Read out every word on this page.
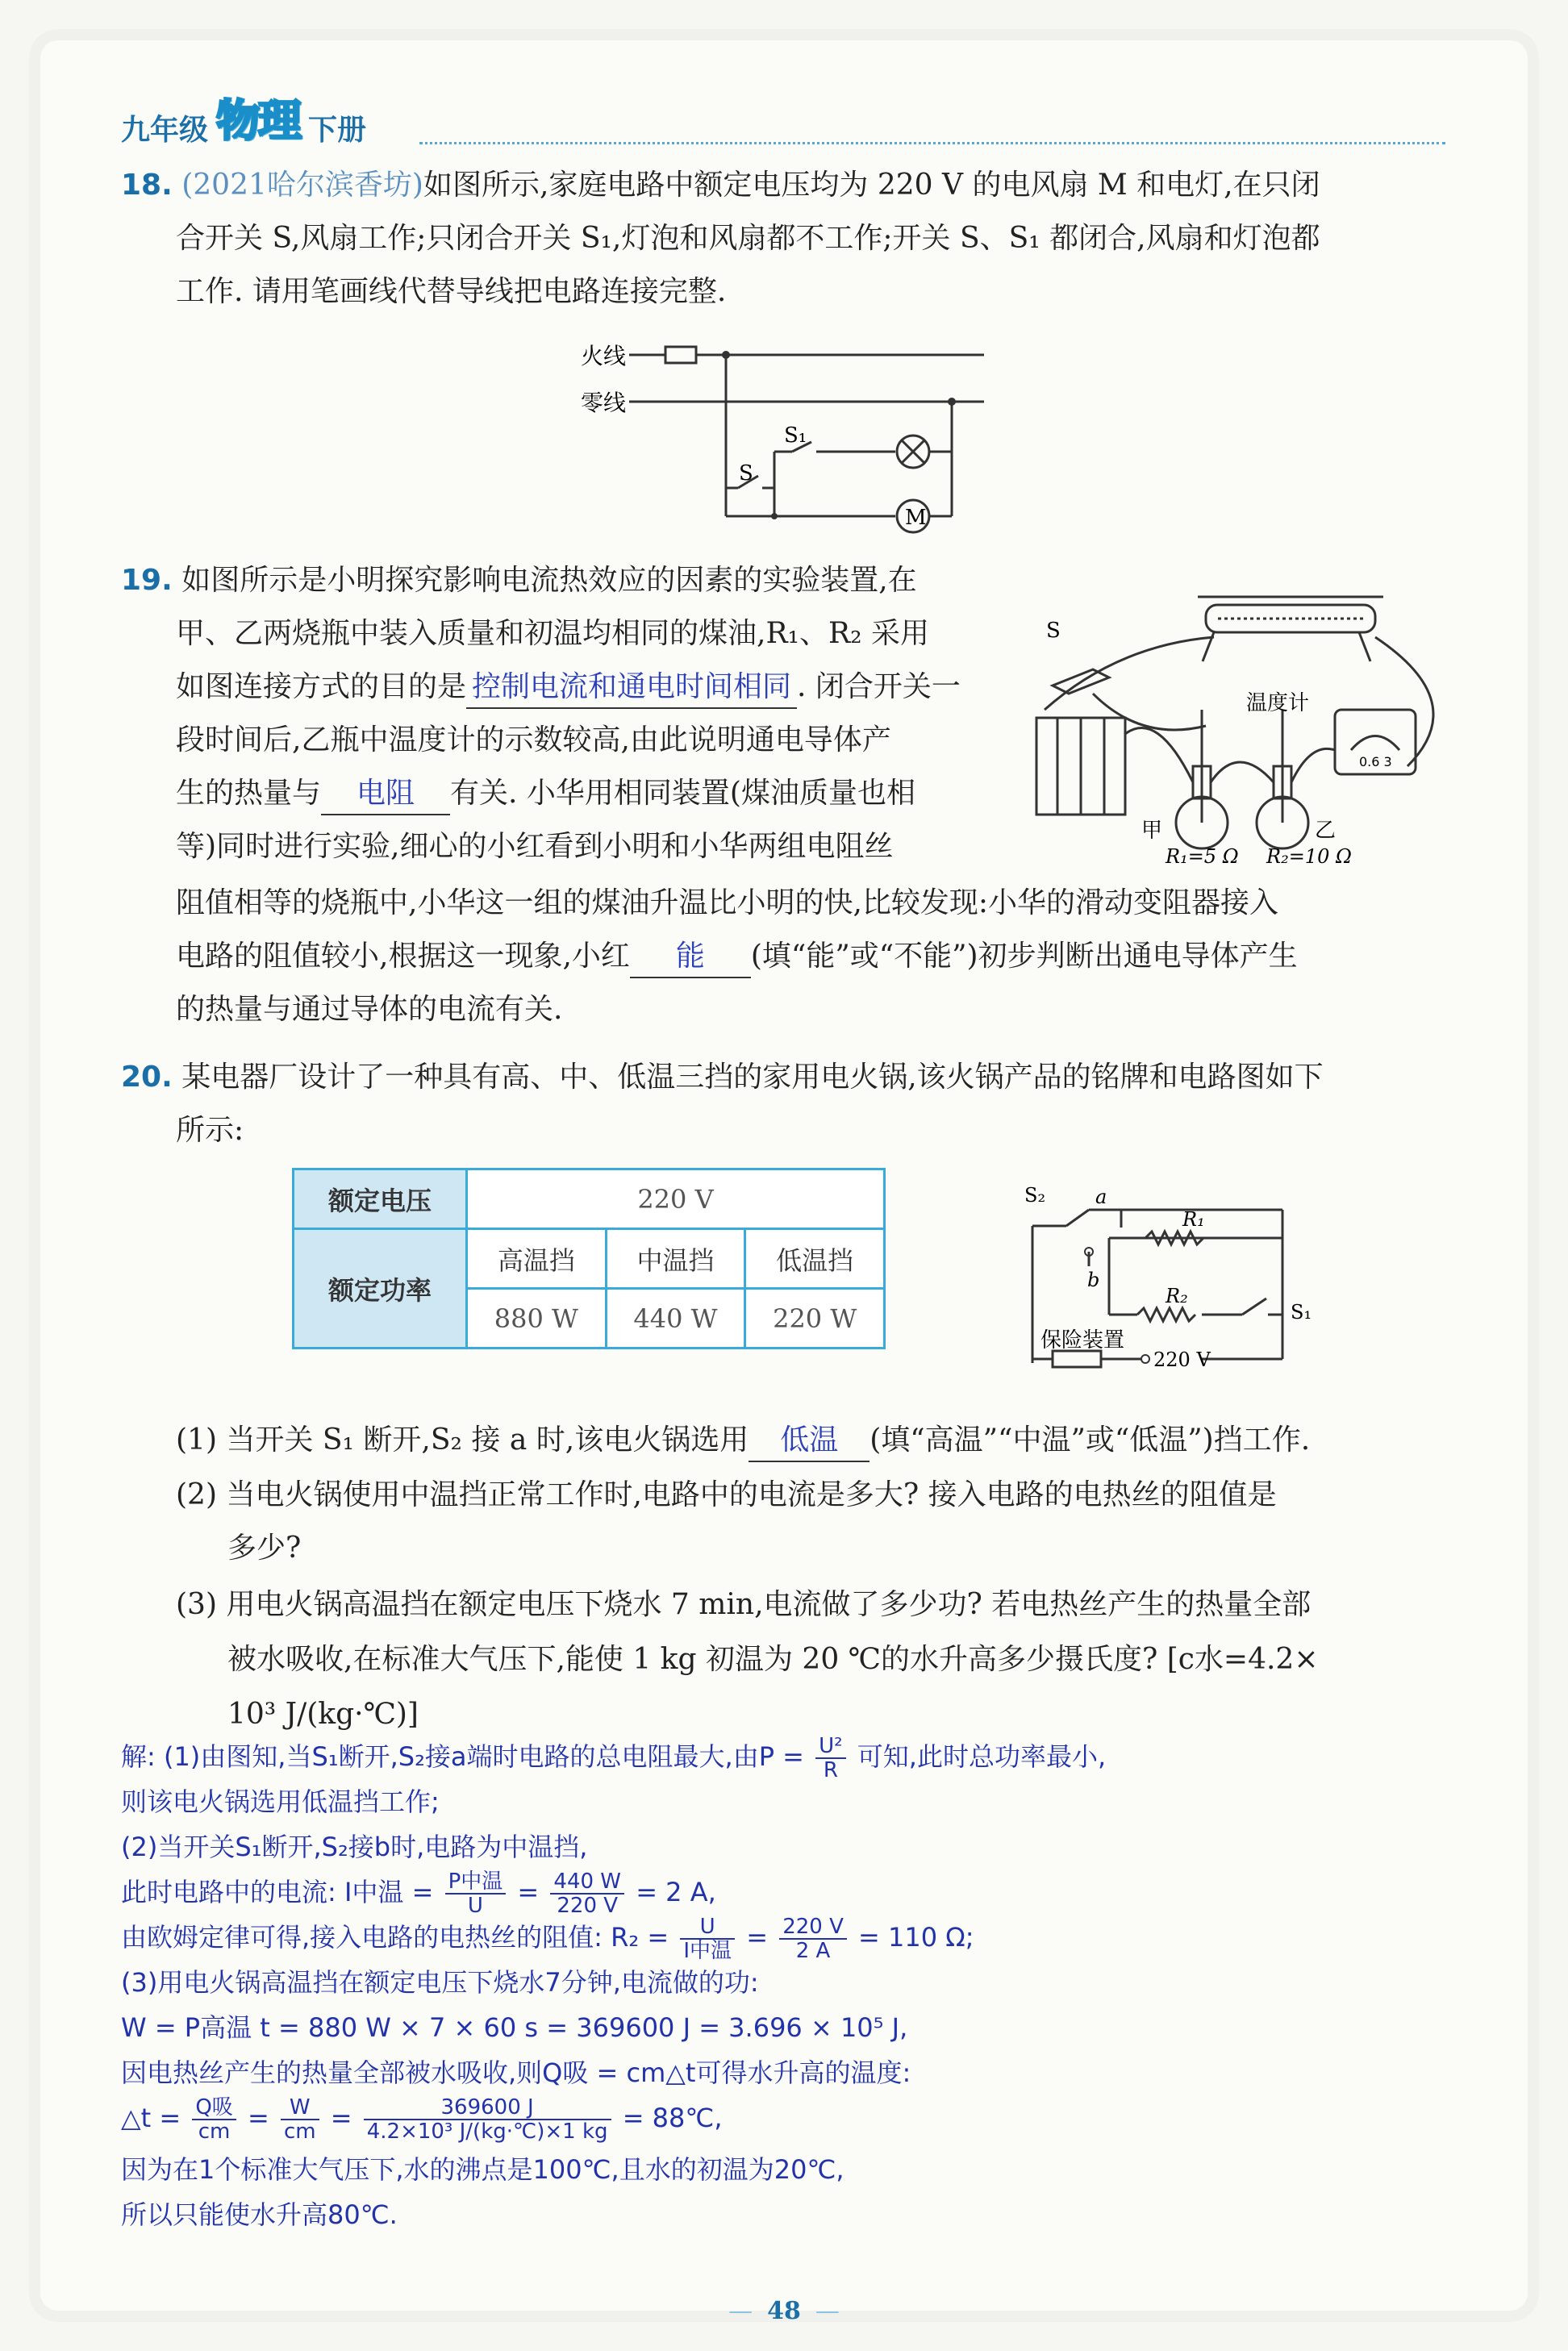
九年级 物理 下册
18. (2021哈尔滨香坊)如图所示,家庭电路中额定电压均为 220 V 的电风扇 M 和电灯,在只闭
合开关 S,风扇工作;只闭合开关 S₁,灯泡和风扇都不工作;开关 S、S₁ 都闭合,风扇和灯泡都
工作. 请用笔画线代替导线把电路连接完整.
火线
零线
S
S₁
M
19. 如图所示是小明探究影响电流热效应的因素的实验装置,在
甲、乙两烧瓶中装入质量和初温均相同的煤油,R₁、R₂ 采用
如图连接方式的目的是 控制电流和通电时间相同 . 闭合开关一
段时间后,乙瓶中温度计的示数较高,由此说明通电导体产
生的热量与 电阻 有关. 小华用相同装置(煤油质量也相
等)同时进行实验,细心的小红看到小明和小华两组电阻丝
阻值相等的烧瓶中,小华这一组的煤油升温比小明的快,比较发现:小华的滑动变阻器接入
电路的阻值较小,根据这一现象,小红 能 (填“能”或“不能”)初步判断出通电导体产生
的热量与通过导体的电流有关.
S
温度计
0.6 3
甲	乙
R₁=5 Ω R₂=10 Ω
20. 某电器厂设计了一种具有高、中、低温三挡的家用电火锅,该火锅产品的铭牌和电路图如下
所示:
额定电压	220 V		
额定功率	高温挡	中温挡	低温挡
	880 W	440 W	220 W
S₂	a
b
R₁
R₂
S₁
保险装置
220 V
(1) 当开关 S₁ 断开,S₂ 接 a 时,该电火锅选用 低温 (填“高温”“中温”或“低温”)挡工作.
(2) 当电火锅使用中温挡正常工作时,电路中的电流是多大? 接入电路的电热丝的阻值是
多少?
(3) 用电火锅高温挡在额定电压下烧水 7 min,电流做了多少功? 若电热丝产生的热量全部
被水吸收,在标准大气压下,能使 1 kg 初温为 20 ℃的水升高多少摄氏度? [c水=4.2×
10³ J/(kg·℃)]
解: (1)由图知,当S₁断开,S₂接a端时电路的总电阻最大,由$P = \frac{\text{U²}}{R}$ 可知,此时总功率最小,
则该电火锅选用低温挡工作;
(2)当开关S₁断开,S₂接b时,电路为中温挡,
此时电路中的电流: I中温 = $\frac{\text{P中温}}{U} = \frac{440 W}{220 V} = 2$ A,
由欧姆定律可得,接入电路的电热丝的阻值: $R_2 = \frac{U}{\text{I中温}} = \frac{220 V}{2 A} = 110$ Ω;
(3)用电火锅高温挡在额定电压下烧水7分钟,电流做的功:
W = P高温 t = 880 W × 7 × 60 s = 369600 J = 3.696 × 10⁵ J,
因电热丝产生的热量全部被水吸收,则Q吸 = cm△t可得水升高的温度:
△t = $\frac{\text{Q吸}}{cm} = \frac{W}{cm} = \frac{369600 J}{\text{4.2×10³ J/(kg·℃)×1 kg}}$ = 88℃,
因为在1个标准大气压下,水的沸点是100℃,且水的初温为20℃,
所以只能使水升高80℃.
— 48 —
